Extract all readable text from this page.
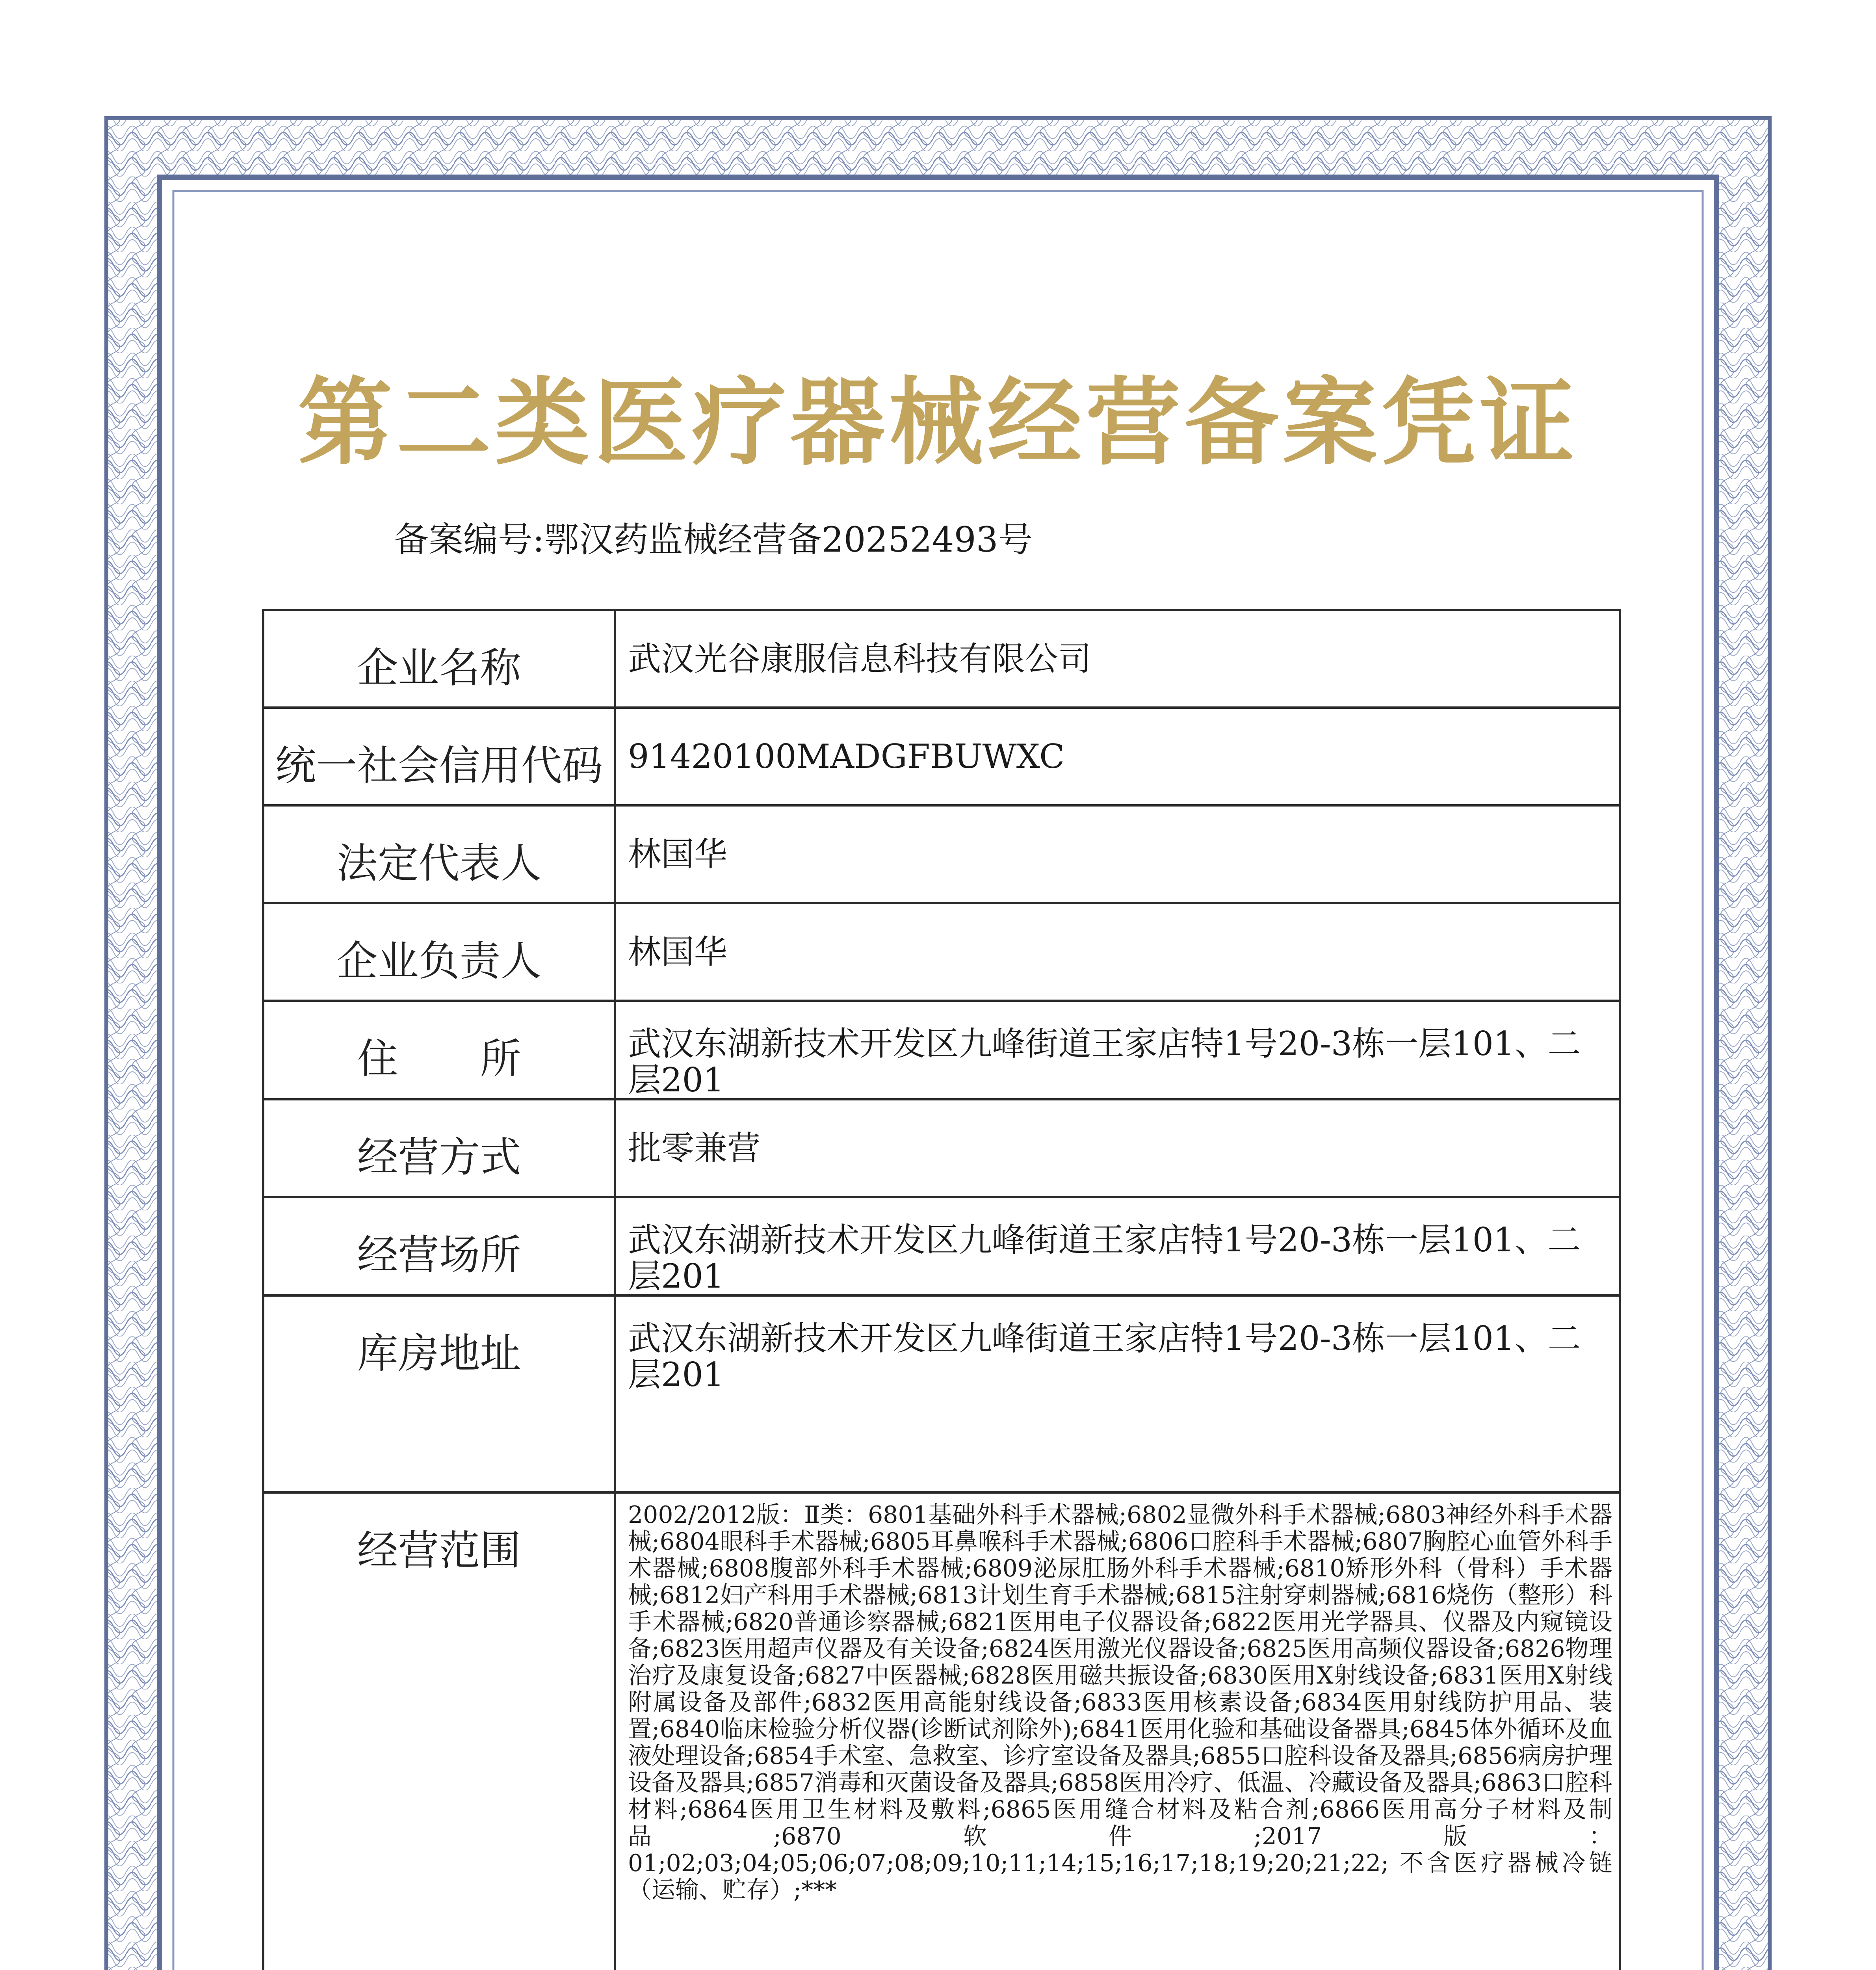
第二类医疗器械经营备案凭证
备案编号:鄂汉药监械经营备20252493号
企业名称	武汉光谷康服信息科技有限公司
统一社会信用代码	91420100MADGFBUWXC
法定代表人	林国华
企业负责人	林国华
住　　所	武汉东湖新技术开发区九峰街道王家店特1号20-3栋一层101、二层201
经营方式	批零兼营
经营场所	武汉东湖新技术开发区九峰街道王家店特1号20-3栋一层101、二层201
库房地址	武汉东湖新技术开发区九峰街道王家店特1号20-3栋一层101、二层201
经营范围	2002/2012版：Ⅱ类：6801基础外科手术器械;6802显微外科手术器械;6803神经外科手术器械;6804眼科手术器械;6805耳鼻喉科手术器械;6806口腔科手术器械;6807胸腔心血管外科手术器械;6808腹部外科手术器械;6809泌尿肛肠外科手术器械;6810矫形外科（骨科）手术器械;6812妇产科用手术器械;6813计划生育手术器械;6815注射穿刺器械;6816烧伤（整形）科手术器械;6820普通诊察器械;6821医用电子仪器设备;6822医用光学器具、仪器及内窥镜设备;6823医用超声仪器及有关设备;6824医用激光仪器设备;6825医用高频仪器设备;6826物理治疗及康复设备;6827中医器械;6828医用磁共振设备;6830医用X射线设备;6831医用X射线附属设备及部件;6832医用高能射线设备;6833医用核素设备;6834医用射线防护用品、装置;6840临床检验分析仪器(诊断试剂除外);6841医用化验和基础设备器具;6845体外循环及血液处理设备;6854手术室、急救室、诊疗室设备及器具;6855口腔科设备及器具;6856病房护理设备及器具;6857消毒和灭菌设备及器具;6858医用冷疗、低温、冷藏设备及器具;6863口腔科材料;6864医用卫生材料及敷料;6865医用缝合材料及粘合剂;6866医用高分子材料及制品;6870软件;2017版：01;02;03;04;05;06;07;08;09;10;11;14;15;16;17;18;19;20;21;22; 不含医疗器械冷链（运输、贮存）;***
